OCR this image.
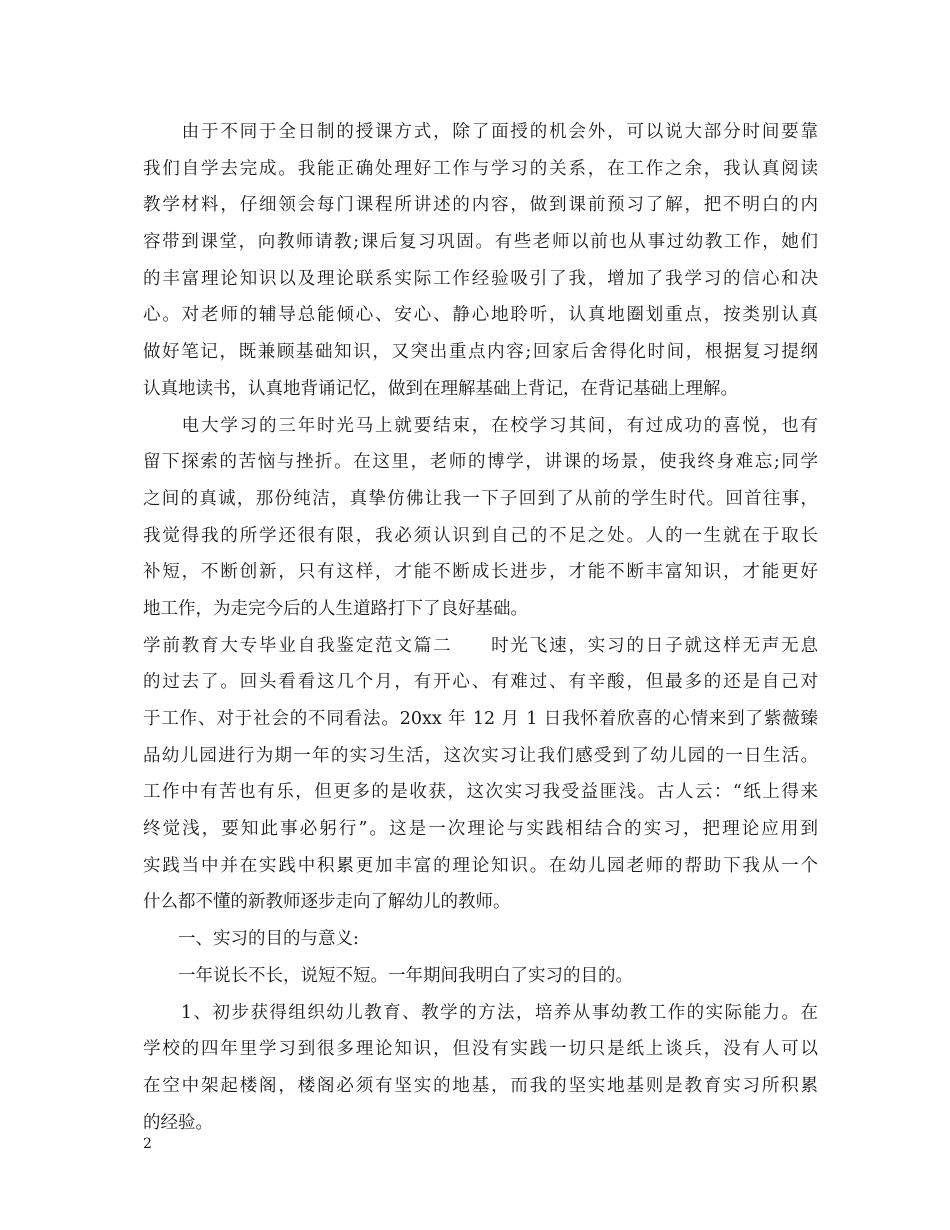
　　由于不同于全日制的授课方式，除了面授的机会外，可以说大部分时间要靠
我们自学去完成。我能正确处理好工作与学习的关系，在工作之余，我认真阅读
教学材料，仔细领会每门课程所讲述的内容，做到课前预习了解，把不明白的内
容带到课堂，向教师请教;课后复习巩固。有些老师以前也从事过幼教工作，她们
的丰富理论知识以及理论联系实际工作经验吸引了我，增加了我学习的信心和决
心。对老师的辅导总能倾心、安心、静心地聆听，认真地圈划重点，按类别认真
做好笔记，既兼顾基础知识，又突出重点内容;回家后舍得化时间，根据复习提纲
认真地读书，认真地背诵记忆，做到在理解基础上背记，在背记基础上理解。
　　电大学习的三年时光马上就要结束，在校学习其间，有过成功的喜悦，也有
留下探索的苦恼与挫折。在这里，老师的博学，讲课的场景，使我终身难忘;同学
之间的真诚，那份纯洁，真挚仿佛让我一下子回到了从前的学生时代。回首往事，
我觉得我的所学还很有限，我必须认识到自己的不足之处。人的一生就在于取长
补短，不断创新，只有这样，才能不断成长进步，才能不断丰富知识，才能更好
地工作，为走完今后的人生道路打下了良好基础。
学前教育大专毕业自我鉴定范文篇二　　时光飞速，实习的日子就这样无声无息
的过去了。回头看看这几个月，有开心、有难过、有辛酸，但最多的还是自己对
于工作、对于社会的不同看法。20xx 年 12 月 1 日我怀着欣喜的心情来到了紫薇臻
品幼儿园进行为期一年的实习生活，这次实习让我们感受到了幼儿园的一日生活。
工作中有苦也有乐，但更多的是收获，这次实习我受益匪浅。古人云：“纸上得来
终觉浅，要知此事必躬行”。这是一次理论与实践相结合的实习，把理论应用到
实践当中并在实践中积累更加丰富的理论知识。在幼儿园老师的帮助下我从一个
什么都不懂的新教师逐步走向了解幼儿的教师。
　　一、实习的目的与意义:
　　一年说长不长，说短不短。一年期间我明白了实习的目的。
　　1、初步获得组织幼儿教育、教学的方法，培养从事幼教工作的实际能力。在
学校的四年里学习到很多理论知识，但没有实践一切只是纸上谈兵，没有人可以
在空中架起楼阁，楼阁必须有坚实的地基，而我的坚实地基则是教育实习所积累
的经验。
2
